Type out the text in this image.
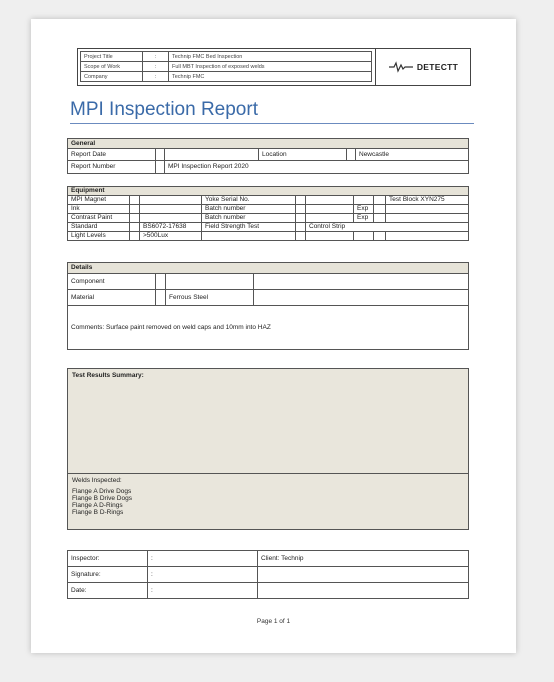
Project Title	:	Technip FMC Bed Inspection
Scope of Work	:	Full MBT Inspection of exposed welds
Company	:	Technip FMC
DETECTT
MPI Inspection Report
General					
Report Date			Location		Newcastle
Report Number		MPI Inspection Report 2020			
Equipment								
MPI Magnet			Yoke Serial No.					Test Block XYN275
Ink			Batch number			Exp		
Contrast Paint			Batch number			Exp		
Standard		BS6072-17638	Field Strength Test		Control Strip			
Light Levels		>500Lux						
Details			
Component			
Material		Ferrous Steel	
Comments: Surface paint removed on weld caps and 10mm into HAZ			
Test Results Summary:
Welds Inspected:
Flange A Drive Dogs
Flange B Drive Dogs
Flange A D-Rings
Flange B D-Rings
Inspector:	:	Client: Technip
Signature:	:	
Date:	:	
Page 1 of 1
